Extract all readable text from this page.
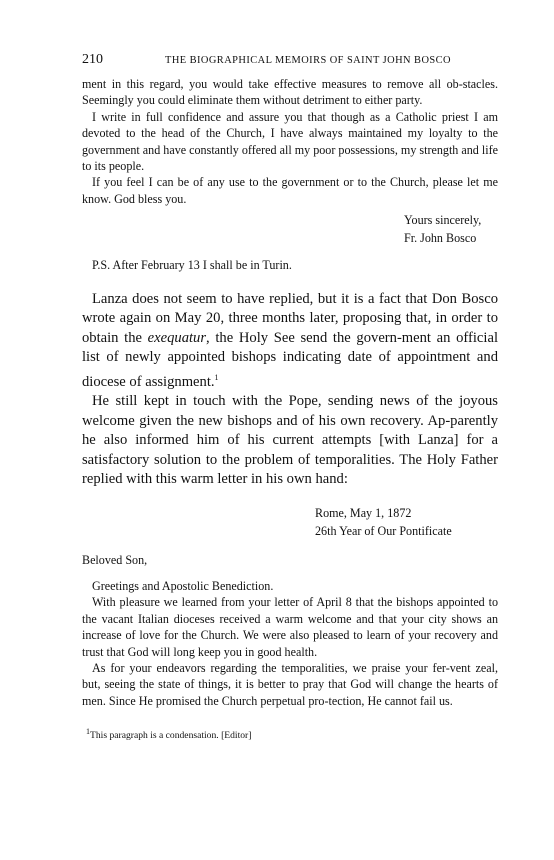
210	THE BIOGRAPHICAL MEMOIRS OF SAINT JOHN BOSCO

ment in this regard, you would take effective measures to remove all ob-stacles. Seemingly you could eliminate them without detriment to either party.

I write in full confidence and assure you that though as a Catholic priest I am devoted to the head of the Church, I have always maintained my loyalty to the government and have constantly offered all my poor possessions, my strength and life to its people.

If you feel I can be of any use to the government or to the Church, please let me know. God bless you.

Yours sincerely,
Fr. John Bosco
P.S. After February 13 I shall be in Turin.

Lanza does not seem to have replied, but it is a fact that Don Bosco wrote again on May 20, three months later, proposing that, in order to obtain the exequatur, the Holy See send the govern-ment an official list of newly appointed bishops indicating date of appointment and diocese of assignment.$^1$

He still kept in touch with the Pope, sending news of the joyous welcome given the new bishops and of his own recovery. Ap-parently he also informed him of his current attempts [with Lanza] for a satisfactory solution to the problem of temporalities. The Holy Father replied with this warm letter in his own hand:

Rome, May 1, 1872
26th Year of Our Pontificate
Beloved Son,

Greetings and Apostolic Benediction.

With pleasure we learned from your letter of April 8 that the bishops appointed to the vacant Italian dioceses received a warm welcome and that your city shows an increase of love for the Church. We were also pleased to learn of your recovery and trust that God will long keep you in good health.

As for your endeavors regarding the temporalities, we praise your fer-vent zeal, but, seeing the state of things, it is better to pray that God will change the hearts of men. Since He promised the Church perpetual pro-tection, He cannot fail us.

$^1$This paragraph is a condensation. [Editor]
